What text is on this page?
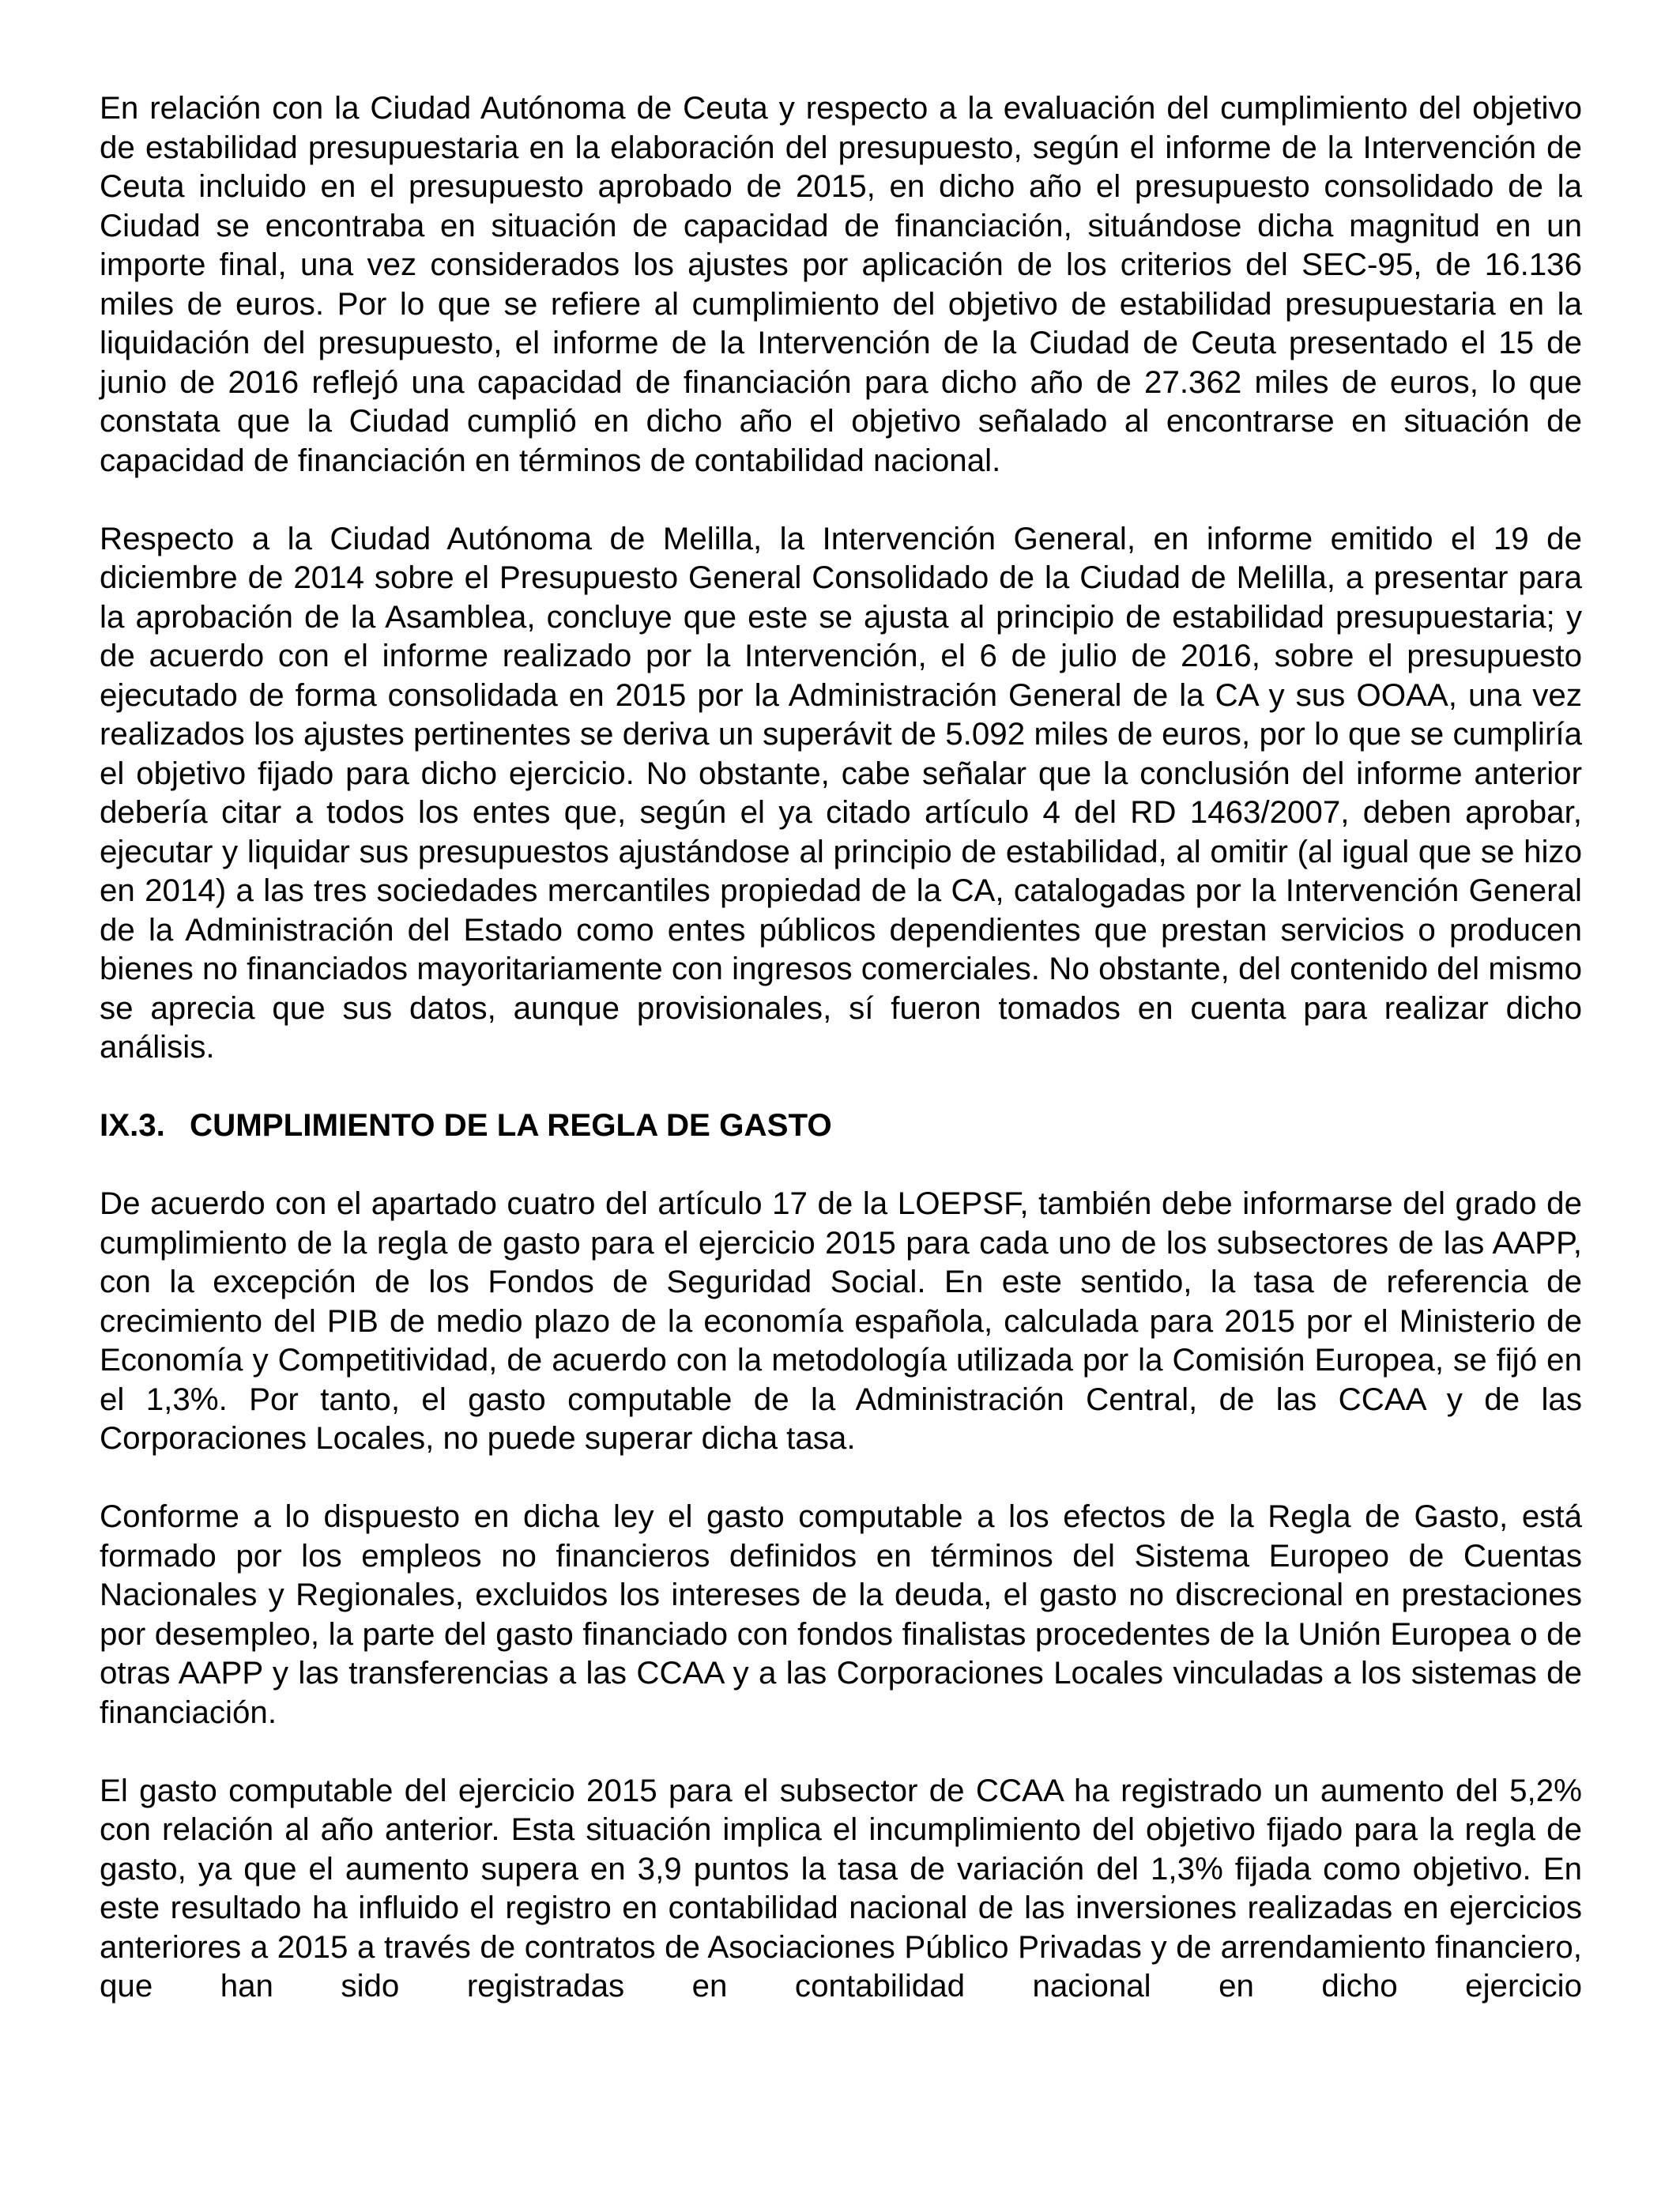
En relación con la Ciudad Autónoma de Ceuta y respecto a la evaluación del cumplimiento del objetivo de estabilidad presupuestaria en la elaboración del presupuesto, según el informe de la Intervención de Ceuta incluido en el presupuesto aprobado de 2015, en dicho año el presupuesto consolidado de la Ciudad se encontraba en situación de capacidad de financiación, situándose dicha magnitud en un importe final, una vez considerados los ajustes por aplicación de los criterios del SEC-95, de 16.136 miles de euros. Por lo que se refiere al cumplimiento del objetivo de estabilidad presupuestaria en la liquidación del presupuesto, el informe de la Intervención de la Ciudad de Ceuta presentado el 15 de junio de 2016 reflejó una capacidad de financiación para dicho año de 27.362 miles de euros, lo que constata que la Ciudad cumplió en dicho año el objetivo señalado al encontrarse en situación de capacidad de financiación en términos de contabilidad nacional.

Respecto a la Ciudad Autónoma de Melilla, la Intervención General, en informe emitido el 19 de diciembre de 2014 sobre el Presupuesto General Consolidado de la Ciudad de Melilla, a presentar para la aprobación de la Asamblea, concluye que este se ajusta al principio de estabilidad presupuestaria; y de acuerdo con el informe realizado por la Intervención, el 6 de julio de 2016, sobre el presupuesto ejecutado de forma consolidada en 2015 por la Administración General de la CA y sus OOAA, una vez realizados los ajustes pertinentes se deriva un superávit de 5.092 miles de euros, por lo que se cumpliría el objetivo fijado para dicho ejercicio. No obstante, cabe señalar que la conclusión del informe anterior debería citar a todos los entes que, según el ya citado artículo 4 del RD 1463/2007, deben aprobar, ejecutar y liquidar sus presupuestos ajustándose al principio de estabilidad, al omitir (al igual que se hizo en 2014) a las tres sociedades mercantiles propiedad de la CA, catalogadas por la Intervención General de la Administración del Estado como entes públicos dependientes que prestan servicios o producen bienes no financiados mayoritariamente con ingresos comerciales. No obstante, del contenido del mismo se aprecia que sus datos, aunque provisionales, sí fueron tomados en cuenta para realizar dicho análisis.

IX.3. CUMPLIMIENTO DE LA REGLA DE GASTO

De acuerdo con el apartado cuatro del artículo 17 de la LOEPSF, también debe informarse del grado de cumplimiento de la regla de gasto para el ejercicio 2015 para cada uno de los subsectores de las AAPP, con la excepción de los Fondos de Seguridad Social. En este sentido, la tasa de referencia de crecimiento del PIB de medio plazo de la economía española, calculada para 2015 por el Ministerio de Economía y Competitividad, de acuerdo con la metodología utilizada por la Comisión Europea, se fijó en el 1,3%. Por tanto, el gasto computable de la Administración Central, de las CCAA y de las Corporaciones Locales, no puede superar dicha tasa.

Conforme a lo dispuesto en dicha ley el gasto computable a los efectos de la Regla de Gasto, está formado por los empleos no financieros definidos en términos del Sistema Europeo de Cuentas Nacionales y Regionales, excluidos los intereses de la deuda, el gasto no discrecional en prestaciones por desempleo, la parte del gasto financiado con fondos finalistas procedentes de la Unión Europea o de otras AAPP y las transferencias a las CCAA y a las Corporaciones Locales vinculadas a los sistemas de financiación.

El gasto computable del ejercicio 2015 para el subsector de CCAA ha registrado un aumento del 5,2% con relación al año anterior. Esta situación implica el incumplimiento del objetivo fijado para la regla de gasto, ya que el aumento supera en 3,9 puntos la tasa de variación del 1,3% fijada como objetivo. En este resultado ha influido el registro en contabilidad nacional de las inversiones realizadas en ejercicios anteriores a 2015 a través de contratos de Asociaciones Público Privadas y de arrendamiento financiero, que han sido registradas en contabilidad nacional en dicho ejercicio
